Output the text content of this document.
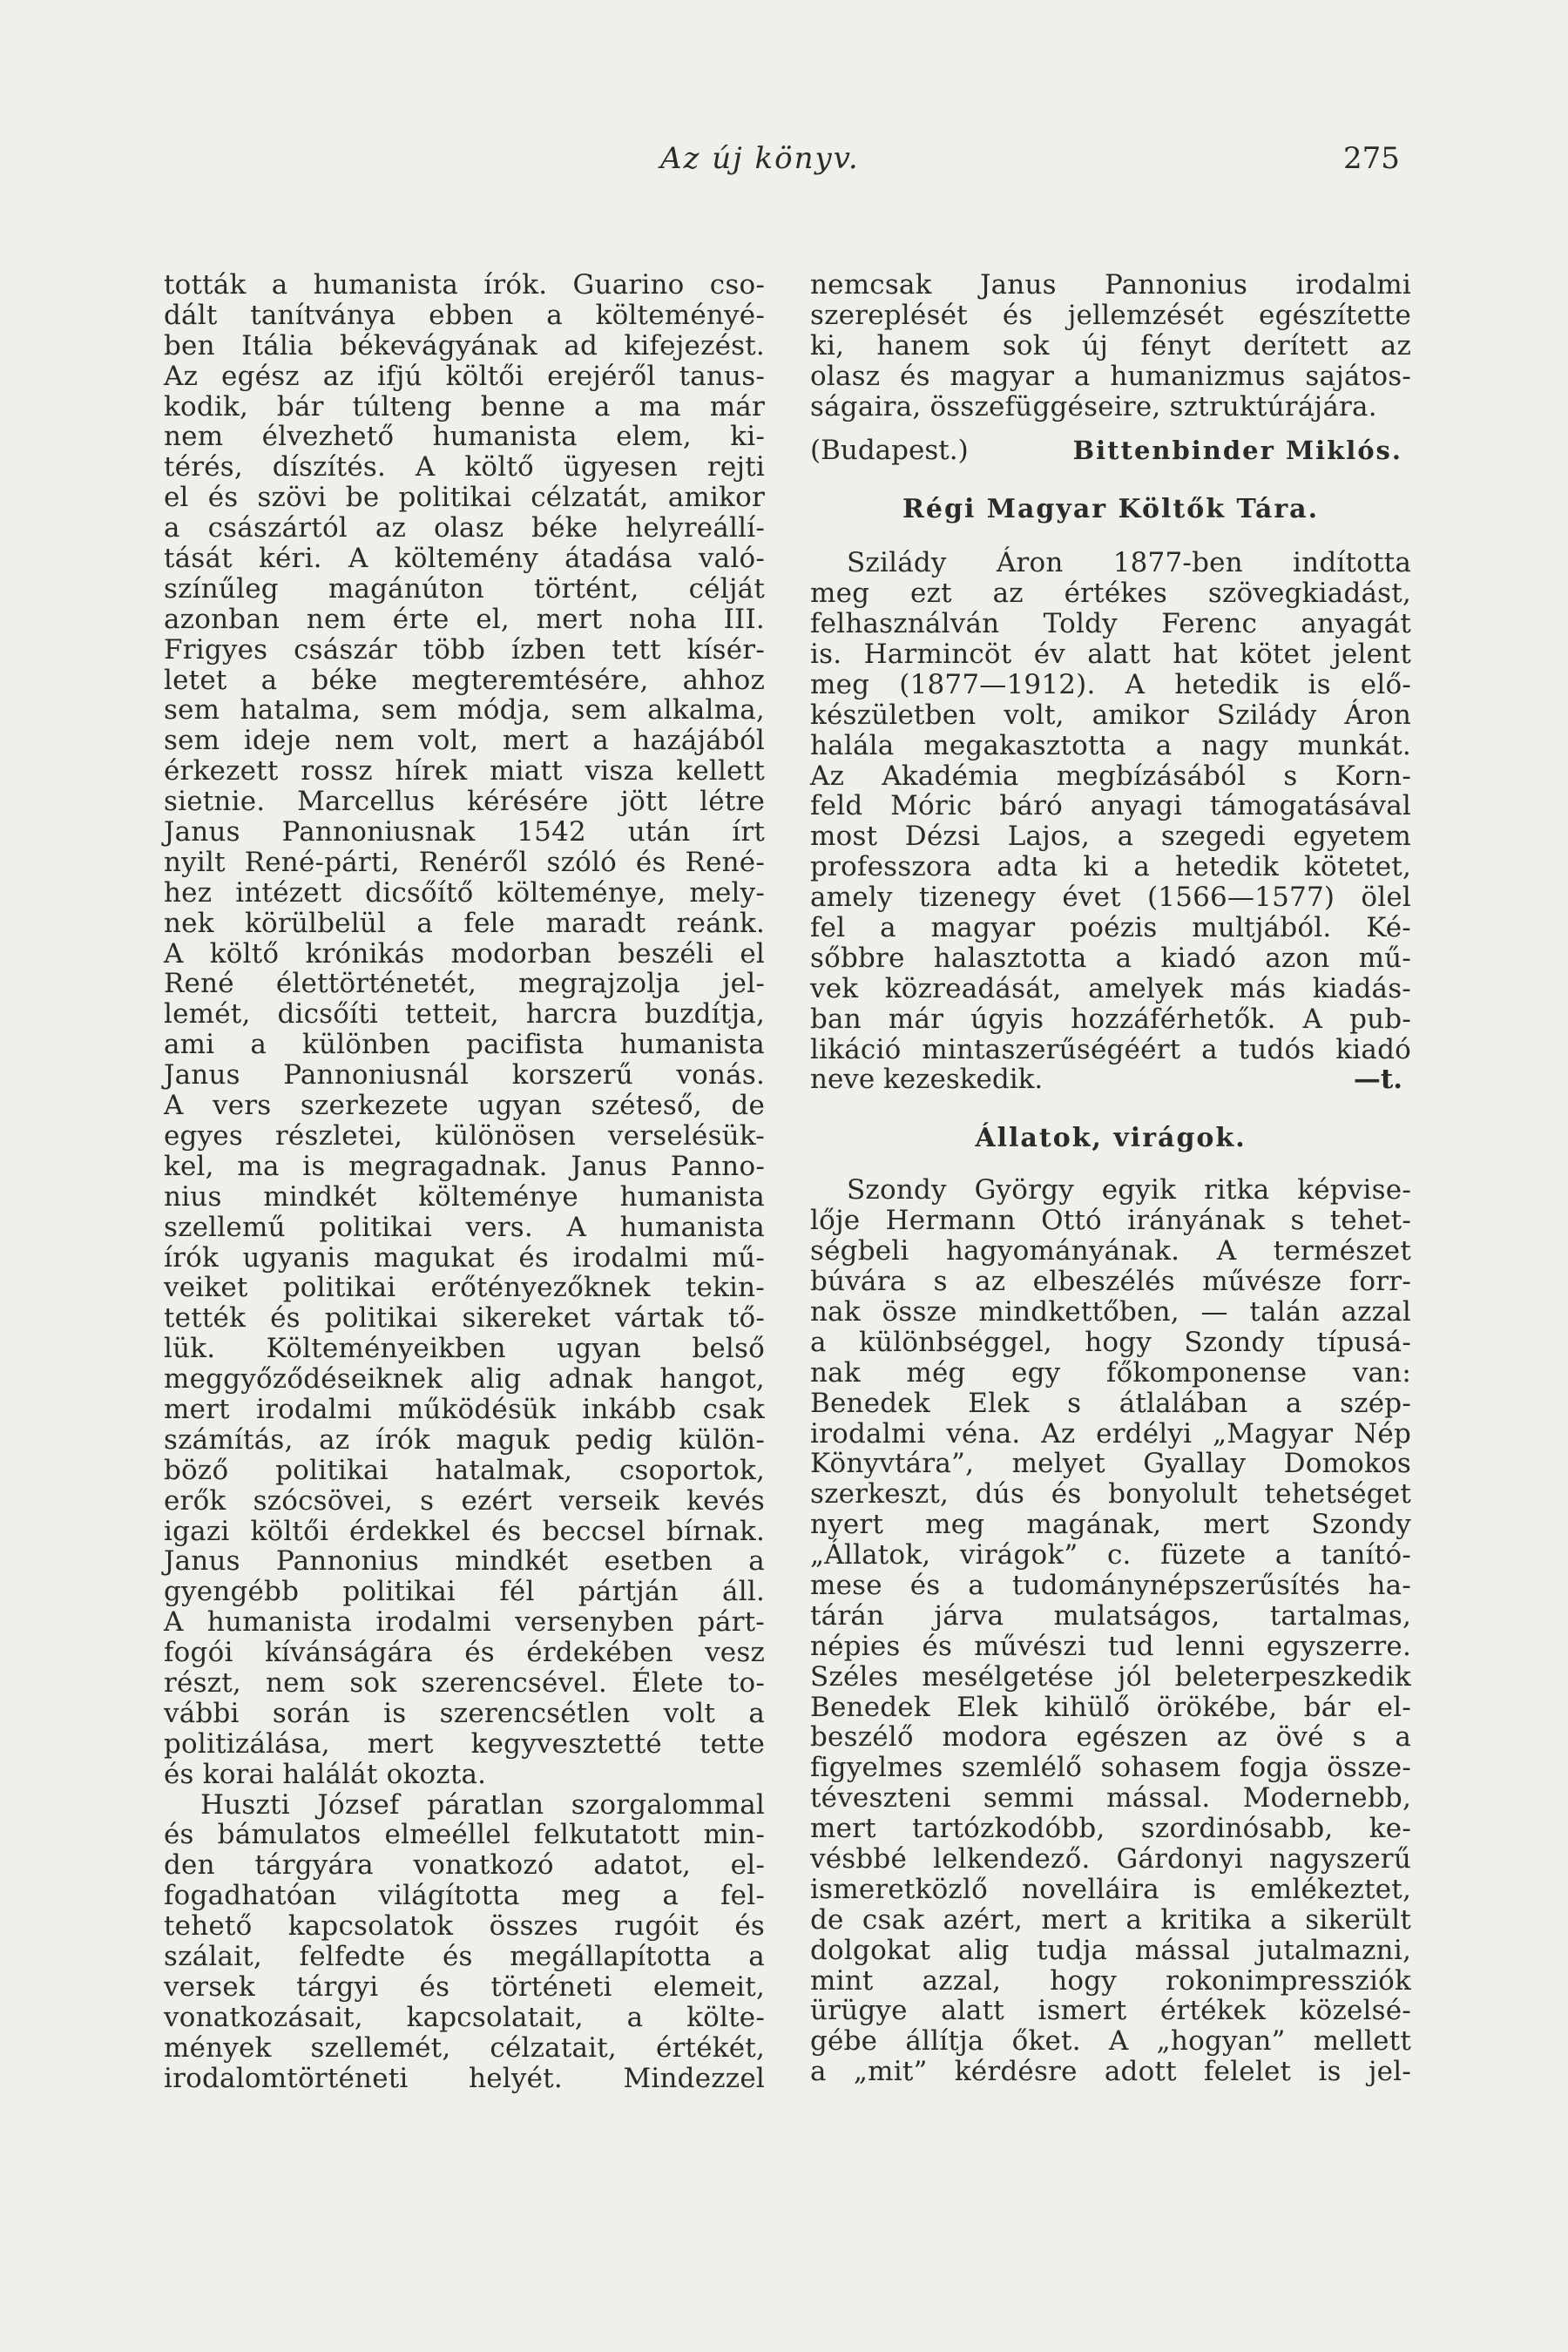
Az új könyv.	275
tották a humanista írók. Guarino cso-
dált tanítványa ebben a költeményé-
ben Itália békevágyának ad kifejezést.
Az egész az ifjú költői erejéről tanus-
kodik, bár túlteng benne a ma már
nem élvezhető humanista elem, ki-
térés, díszítés. A költő ügyesen rejti
el és szövi be politikai célzatát, amikor
a császártól az olasz béke helyreállí-
tását kéri. A költemény átadása való-
színűleg magánúton történt, célját
azonban nem érte el, mert noha III.
Frigyes császár több ízben tett kísér-
letet a béke megteremtésére, ahhoz
sem hatalma, sem módja, sem alkalma,
sem ideje nem volt, mert a hazájából
érkezett rossz hírek miatt visza kellett
sietnie. Marcellus kérésére jött létre
Janus Pannoniusnak 1542 után írt
nyilt René-párti, Renéről szóló és René-
hez intézett dicsőítő költeménye, mely-
nek körülbelül a fele maradt reánk.
A költő krónikás modorban beszéli el
René élettörténetét, megrajzolja jel-
lemét, dicsőíti tetteit, harcra buzdítja,
ami a különben pacifista humanista
Janus Pannoniusnál korszerű vonás.
A vers szerkezete ugyan széteső, de
egyes részletei, különösen verselésük-
kel, ma is megragadnak. Janus Panno-
nius mindkét költeménye humanista
szellemű politikai vers. A humanista
írók ugyanis magukat és irodalmi mű-
veiket politikai erőtényezőknek tekin-
tették és politikai sikereket vártak tő-
lük. Költeményeikben ugyan belső
meggyőződéseiknek alig adnak hangot,
mert irodalmi működésük inkább csak
számítás, az írók maguk pedig külön-
böző politikai hatalmak, csoportok,
erők szócsövei, s ezért verseik kevés
igazi költői érdekkel és beccsel bírnak.
Janus Pannonius mindkét esetben a
gyengébb politikai fél pártján áll.
A humanista irodalmi versenyben párt-
fogói kívánságára és érdekében vesz
részt, nem sok szerencsével. Élete to-
vábbi során is szerencsétlen volt a
politizálása, mert kegyvesztetté tette
és korai halálát okozta.
Huszti József páratlan szorgalommal
és bámulatos elmeéllel felkutatott min-
den tárgyára vonatkozó adatot, el-
fogadhatóan világította meg a fel-
tehető kapcsolatok összes rugóit és
szálait, felfedte és megállapította a
versek tárgyi és történeti elemeit,
vonatkozásait, kapcsolatait, a költe-
mények szellemét, célzatait, értékét,
irodalomtörténeti helyét. Mindezzel
nemcsak Janus Pannonius irodalmi
szereplését és jellemzését egészítette
ki, hanem sok új fényt derített az
olasz és magyar a humanizmus sajátos-
ságaira, összefüggéseire, sztruktúrájára.
(Budapest.)	Bittenbinder Miklós.
Régi Magyar Költők Tára.
Szilády Áron 1877-ben indította
meg ezt az értékes szövegkiadást,
felhasználván Toldy Ferenc anyagát
is. Harmincöt év alatt hat kötet jelent
meg (1877—1912). A hetedik is elő-
készületben volt, amikor Szilády Áron
halála megakasztotta a nagy munkát.
Az Akadémia megbízásából s Korn-
feld Móric báró anyagi támogatásával
most Dézsi Lajos, a szegedi egyetem
professzora adta ki a hetedik kötetet,
amely tizenegy évet (1566—1577) ölel
fel a magyar poézis multjából. Ké-
sőbbre halasztotta a kiadó azon mű-
vek közreadását, amelyek más kiadás-
ban már úgyis hozzáférhetők. A pub-
likáció mintaszerűségéért a tudós kiadó
neve kezeskedik.	—t.
Állatok, virágok.
Szondy György egyik ritka képvise-
lője Hermann Ottó irányának s tehet-
ségbeli hagyományának. A természet
búvára s az elbeszélés művésze forr-
nak össze mindkettőben, — talán azzal
a különbséggel, hogy Szondy típusá-
nak még egy főkomponense van:
Benedek Elek s átlalában a szép-
irodalmi véna. Az erdélyi „Magyar Nép
Könyvtára”, melyet Gyallay Domokos
szerkeszt, dús és bonyolult tehetséget
nyert meg magának, mert Szondy
„Állatok, virágok” c. füzete a tanító-
mese és a tudománynépszerűsítés ha-
tárán járva mulatságos, tartalmas,
népies és művészi tud lenni egyszerre.
Széles mesélgetése jól beleterpeszkedik
Benedek Elek kihülő örökébe, bár el-
beszélő modora egészen az övé s a
figyelmes szemlélő sohasem fogja össze-
téveszteni semmi mással. Modernebb,
mert tartózkodóbb, szordinósabb, ke-
vésbbé lelkendező. Gárdonyi nagyszerű
ismeretközlő novelláira is emlékeztet,
de csak azért, mert a kritika a sikerült
dolgokat alig tudja mással jutalmazni,
mint azzal, hogy rokonimpressziók
ürügye alatt ismert értékek közelsé-
gébe állítja őket. A „hogyan” mellett
a „mit” kérdésre adott felelet is jel-
